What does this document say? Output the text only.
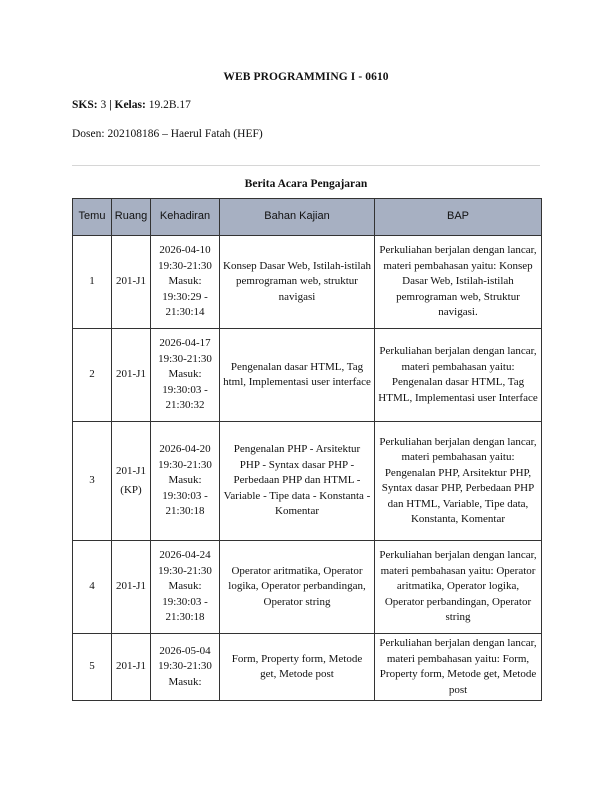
WEB PROGRAMMING I - 0610
SKS: 3 | Kelas: 19.2B.17
Dosen: 202108186 – Haerul Fatah (HEF)
Berita Acara Pengajaran
Temu	Ruang	Kehadiran	Bahan Kajian	BAP
1	201-J1	2026-04-10
19:30-21:30
Masuk:
19:30:29 -
21:30:14	Konsep Dasar Web, Istilah-istilah pemrograman web, struktur navigasi	Perkuliahan berjalan dengan lancar, materi pembahasan yaitu: Konsep Dasar Web, Istilah-istilah pemrograman web, Struktur navigasi.
2	201-J1	2026-04-17
19:30-21:30
Masuk:
19:30:03 -
21:30:32	Pengenalan dasar HTML, Tag html, Implementasi user interface	Perkuliahan berjalan dengan lancar, materi pembahasan yaitu: Pengenalan dasar HTML, Tag HTML, Implementasi user Interface
3	201-J1
(KP)	2026-04-20
19:30-21:30
Masuk:
19:30:03 -
21:30:18	Pengenalan PHP - Arsitektur PHP - Syntax dasar PHP - Perbedaan PHP dan HTML - Variable - Tipe data - Konstanta - Komentar	Perkuliahan berjalan dengan lancar, materi pembahasan yaitu: Pengenalan PHP, Arsitektur PHP, Syntax dasar PHP, Perbedaan PHP dan HTML, Variable, Tipe data, Konstanta, Komentar
4	201-J1	2026-04-24
19:30-21:30
Masuk:
19:30:03 -
21:30:18	Operator aritmatika, Operator logika, Operator perbandingan, Operator string	Perkuliahan berjalan dengan lancar, materi pembahasan yaitu: Operator aritmatika, Operator logika, Operator perbandingan, Operator string
5	201-J1	2026-05-04
19:30-21:30
Masuk:	Form, Property form, Metode get, Metode post	Perkuliahan berjalan dengan lancar, materi pembahasan yaitu: Form, Property form, Metode get, Metode post
